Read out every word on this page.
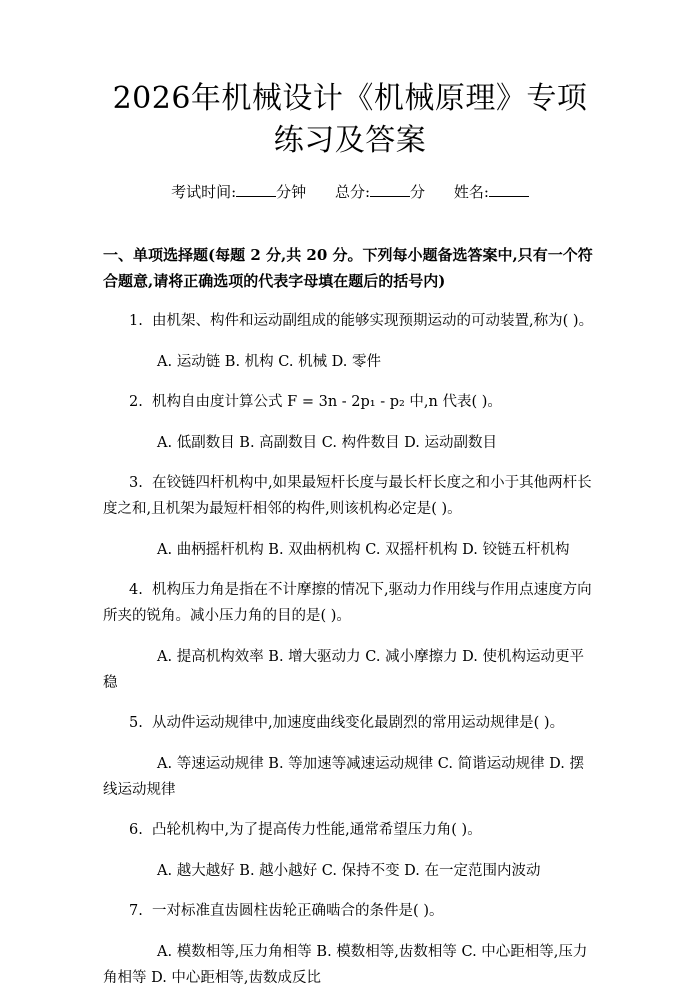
2026年机械设计《机械原理》专项练习及答案
考试时间:	分钟 总分:	分 姓名:
一、单项选择题(每题 2 分,共 20 分。下列每小题备选答案中,只有一个符合题意,请将正确选项的代表字母填在题后的括号内)

1.  由机架、构件和运动副组成的能够实现预期运动的可动装置,称为( )。

A. 运动链 B. 机构 C. 机械 D. 零件

2.  机构自由度计算公式 F = 3n - 2p₁ - p₂ 中,n 代表( )。

A. 低副数目 B. 高副数目 C. 构件数目 D. 运动副数目

3.  在铰链四杆机构中,如果最短杆长度与最长杆长度之和小于其他两杆长度之和,且机架为最短杆相邻的构件,则该机构必定是( )。

A. 曲柄摇杆机构 B. 双曲柄机构 C. 双摇杆机构 D. 铰链五杆机构

4.  机构压力角是指在不计摩擦的情况下,驱动力作用线与作用点速度方向所夹的锐角。减小压力角的目的是( )。

A. 提高机构效率 B. 增大驱动力 C. 减小摩擦力 D. 使机构运动更平稳

5.  从动件运动规律中,加速度曲线变化最剧烈的常用运动规律是( )。

A. 等速运动规律 B. 等加速等减速运动规律 C. 简谐运动规律 D. 摆线运动规律

6.  凸轮机构中,为了提高传力性能,通常希望压力角( )。

A. 越大越好 B. 越小越好 C. 保持不变 D. 在一定范围内波动

7.  一对标准直齿圆柱齿轮正确啮合的条件是( )。

A. 模数相等,压力角相等 B. 模数相等,齿数相等 C. 中心距相等,压力角相等 D. 中心距相等,齿数成反比
